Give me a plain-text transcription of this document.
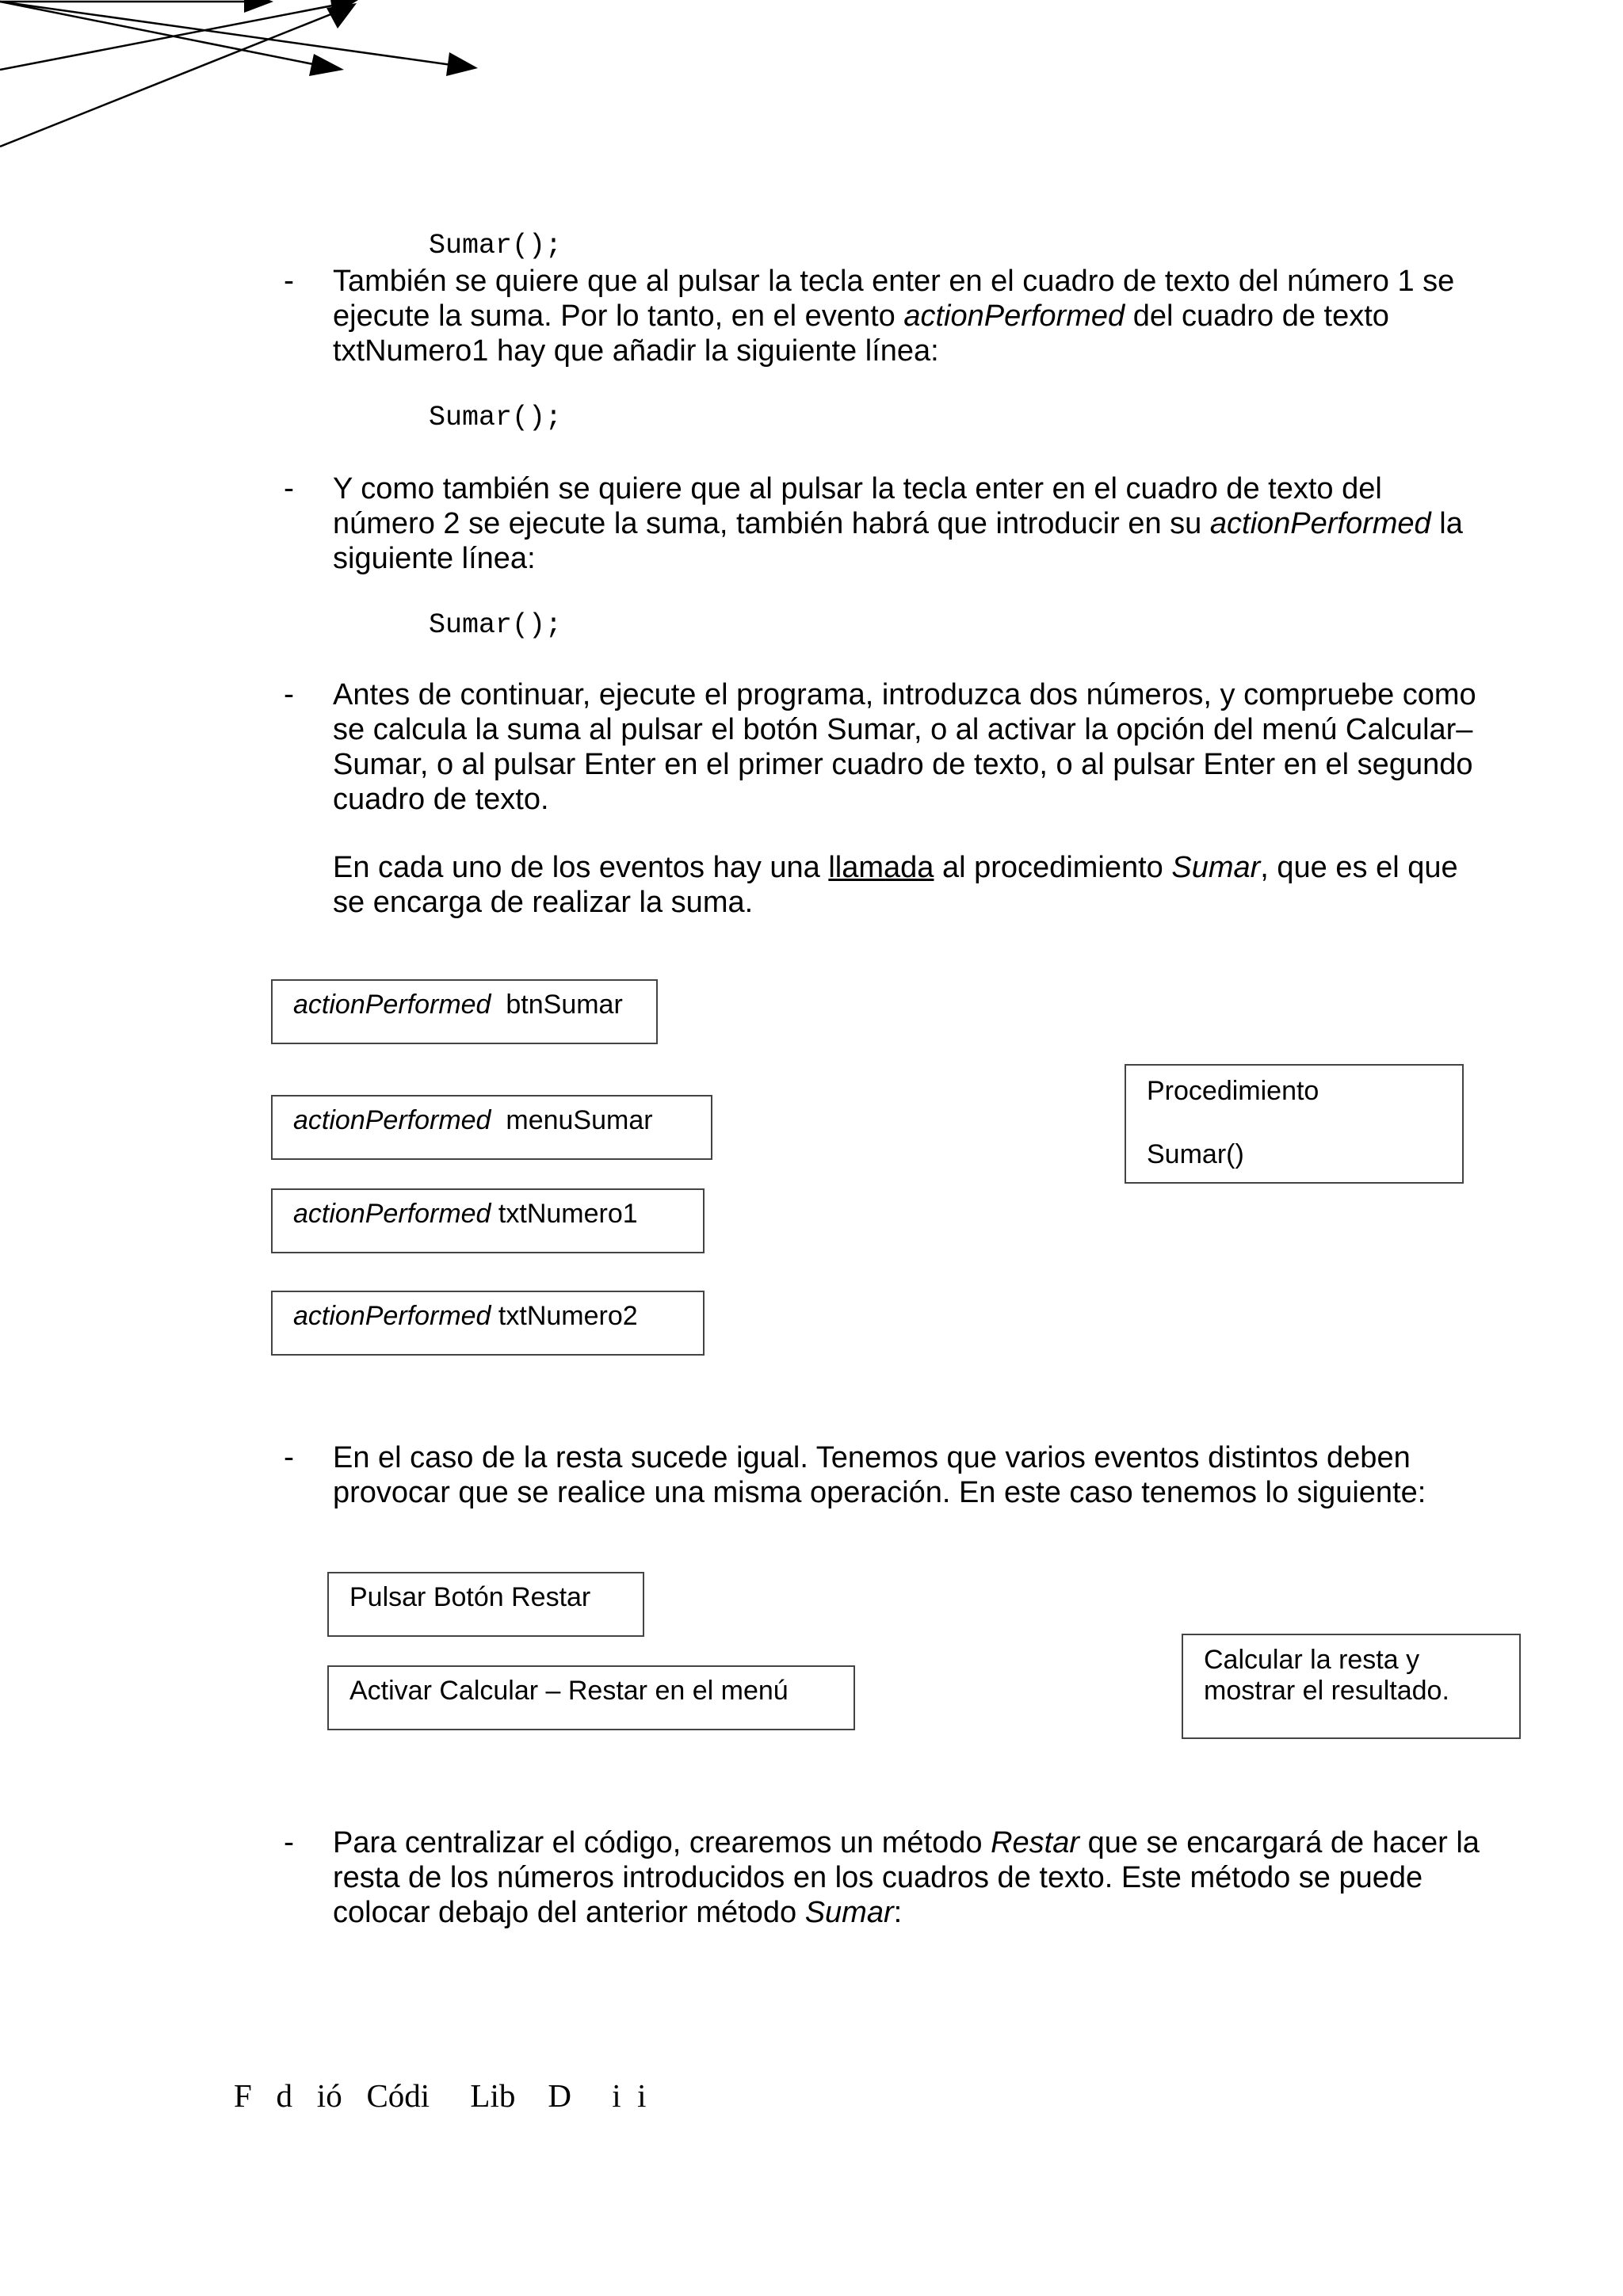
Sumar();
- También se quiere que al pulsar la tecla enter en el cuadro de texto del número 1 se
ejecute la suma. Por lo tanto, en el evento actionPerformed del cuadro de texto
txtNumero1 hay que añadir la siguiente línea:
Sumar();
- Y como también se quiere que al pulsar la tecla enter en el cuadro de texto del
número 2 se ejecute la suma, también habrá que introducir en su actionPerformed la
siguiente línea:
Sumar();
- Antes de continuar, ejecute el programa, introduzca dos números, y compruebe como
se calcula la suma al pulsar el botón Sumar, o al activar la opción del menú Calcular–
Sumar, o al pulsar Enter en el primer cuadro de texto, o al pulsar Enter en el segundo
cuadro de texto.
En cada uno de los eventos hay una llamada al procedimiento Sumar, que es el que
se encarga de realizar la suma.
actionPerformed btnSumar
actionPerformed menuSumar
actionPerformed txtNumero1
actionPerformed txtNumero2
Procedimiento
Sumar()
- En el caso de la resta sucede igual. Tenemos que varios eventos distintos deben
provocar que se realice una misma operación. En este caso tenemos lo siguiente:
Pulsar Botón Restar
Activar Calcular – Restar en el menú
Calcular la resta y
mostrar el resultado.
- Para centralizar el código, crearemos un método Restar que se encargará de hacer la
resta de los números introducidos en los cuadros de texto. Este método se puede
colocar debajo del anterior método Sumar:
F   d   ió   Códi     Lib    D     i  i
